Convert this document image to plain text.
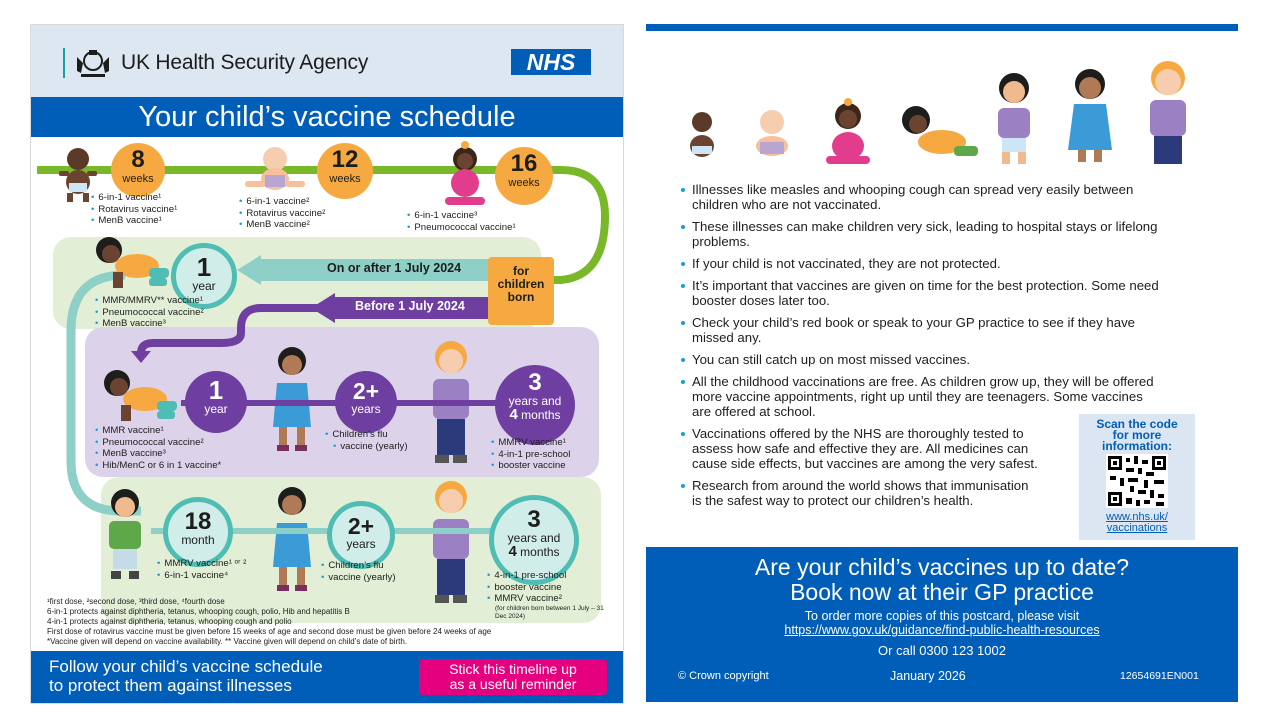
UK Health Security Agency	NHS
Your child’s vaccine schedule
8
weeks
12
weeks
16
weeks
• 6-in-1 vaccine¹
• Rotavirus vaccine¹
• MenB vaccine¹
• 6-in-1 vaccine²
• Rotavirus vaccine²
• MenB vaccine²
• 6-in-1 vaccine³
• Pneumococcal vaccine¹
1
year
On or after 1 July 2024
Before 1 July 2024
for
children
born
• MMR/MMRV** vaccine¹
• Pneumococcal vaccine²
• MenB vaccine³
1
year
2+
years
3
years and
4 months
• MMR vaccine¹
• Pneumococcal vaccine²
• MenB vaccine³
• Hib/MenC or 6 in 1 vaccine*
• Children’s flu
• vaccine (yearly)	• MMRV vaccine¹
• 4-in-1 pre-school
• booster vaccine
18
month
2+
years
3
years and
4 months
• MMRV vaccine¹ ᵒʳ ²
• 6-in-1 vaccine⁴
• Children’s flu
• vaccine (yearly)	• 4-in-1 pre-school
• booster vaccine
• MMRV vaccine²
(for children born between 1 July – 31 Dec 2024)
¹first dose, ²second dose, ³third dose, ⁴fourth dose
6-in-1 protects against diphtheria, tetanus, whooping cough, polio, Hib and hepatitis B
4-in-1 protects against diphtheria, tetanus, whooping cough and polio
First dose of rotavirus vaccine must be given before 15 weeks of age and second dose must be given before 24 weeks of age
*Vaccine given will depend on vaccine availability. ** Vaccine given will depend on child’s date of birth.
Follow your child’s vaccine schedule
to protect them against illnesses
Stick this timeline up
as a useful reminder
Illnesses like measles and whooping cough can spread very easily between children who are not vaccinated.
These illnesses can make children very sick, leading to hospital stays or lifelong problems.
If your child is not vaccinated, they are not protected.
It’s important that vaccines are given on time for the best protection. Some need booster doses later too.
Check your child’s red book or speak to your GP practice to see if they have missed any.
You can still catch up on most missed vaccines.
All the childhood vaccinations are free. As children grow up, they will be offered more vaccine appointments, right up until they are teenagers. Some vaccines are offered at school.
Vaccinations offered by the NHS are thoroughly tested to assess how safe and effective they are. All medicines can cause side effects, but vaccines are among the very safest.
Research from around the world shows that immunisation is the safest way to protect our children’s health.
Scan the code
for more
information:
www.nhs.uk/
vaccinations
Are your child’s vaccines up to date?
Book now at their GP practice
To order more copies of this postcard, please visit
https://www.gov.uk/guidance/find-public-health-resources
Or call 0300 123 1002
© Crown copyright	January 2026	12654691EN001
